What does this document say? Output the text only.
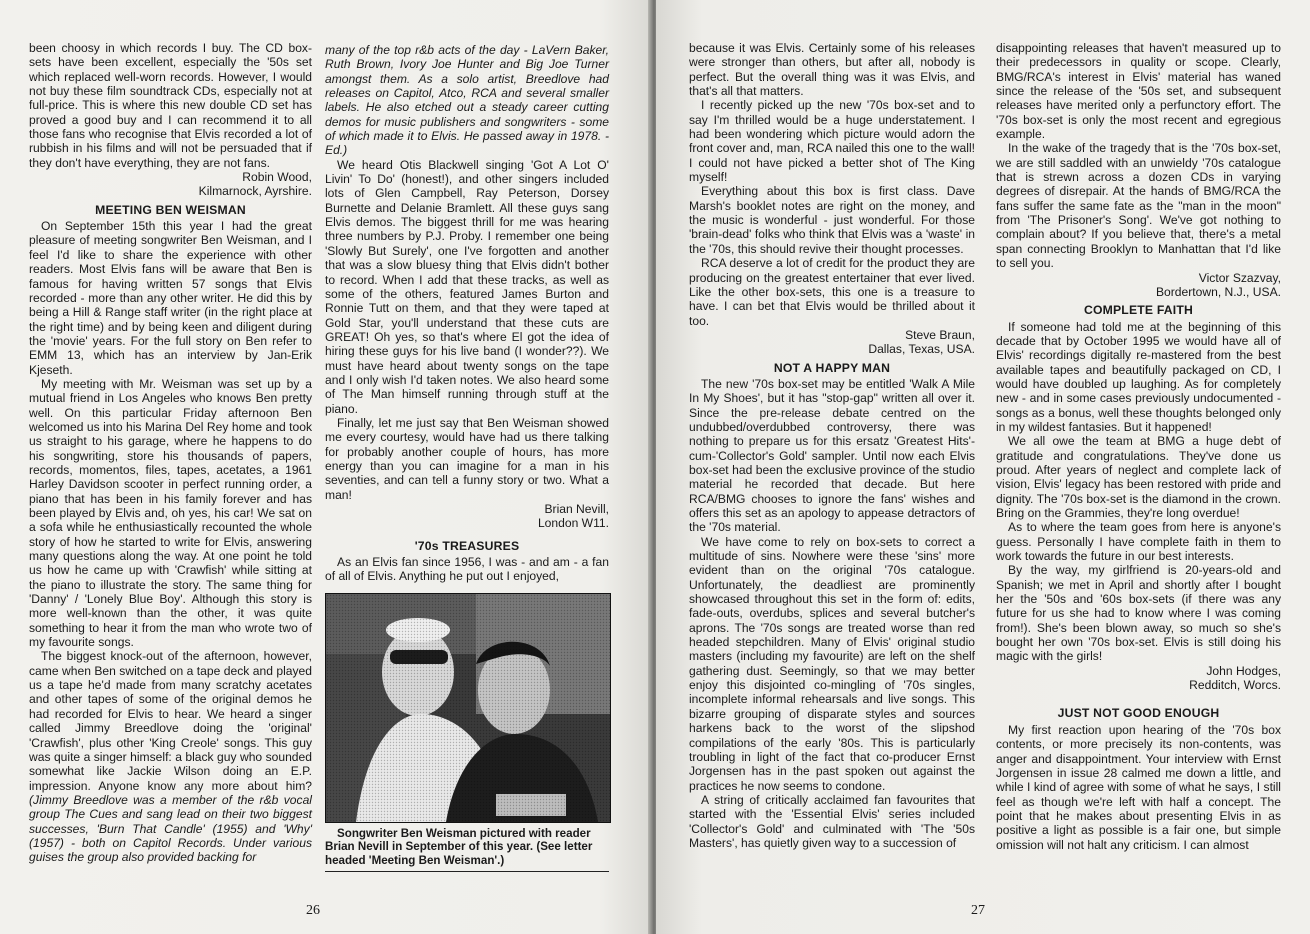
been choosy in which records I buy. The CD box-sets have been excellent, especially the '50s set which replaced well-worn records. However, I would not buy these film soundtrack CDs, especially not at full-price. This is where this new double CD set has proved a good buy and I can recommend it to all those fans who recognise that Elvis recorded a lot of rubbish in his films and will not be persuaded that if they don't have everything, they are not fans.

Robin Wood,

Kilmarnock, Ayrshire.

MEETING BEN WEISMAN

On September 15th this year I had the great pleasure of meeting songwriter Ben Weisman, and I feel I'd like to share the experience with other readers. Most Elvis fans will be aware that Ben is famous for having written 57 songs that Elvis recorded - more than any other writer. He did this by being a Hill & Range staff writer (in the right place at the right time) and by being keen and diligent during the 'movie' years. For the full story on Ben refer to EMM 13, which has an interview by Jan-Erik Kjeseth.

My meeting with Mr. Weisman was set up by a mutual friend in Los Angeles who knows Ben pretty well. On this particular Friday afternoon Ben welcomed us into his Marina Del Rey home and took us straight to his garage, where he happens to do his songwriting, store his thousands of papers, records, momentos, files, tapes, acetates, a 1961 Harley Davidson scooter in perfect running order, a piano that has been in his family forever and has been played by Elvis and, oh yes, his car! We sat on a sofa while he enthusiastically recounted the whole story of how he started to write for Elvis, answering many questions along the way. At one point he told us how he came up with 'Crawfish' while sitting at the piano to illustrate the story. The same thing for 'Danny' / 'Lonely Blue Boy'. Although this story is more well-known than the other, it was quite something to hear it from the man who wrote two of my favourite songs.

The biggest knock-out of the afternoon, however, came when Ben switched on a tape deck and played us a tape he'd made from many scratchy acetates and other tapes of some of the original demos he had recorded for Elvis to hear. We heard a singer called Jimmy Breedlove doing the 'original' 'Crawfish', plus other 'King Creole' songs. This guy was quite a singer himself: a black guy who sounded somewhat like Jackie Wilson doing an E.P. impression. Anyone know any more about him? (Jimmy Breedlove was a member of the r&b vocal group The Cues and sang lead on their two biggest successes, 'Burn That Candle' (1955) and 'Why' (1957) - both on Capitol Records. Under various guises the group also provided backing for

many of the top r&b acts of the day - LaVern Baker, Ruth Brown, Ivory Joe Hunter and Big Joe Turner amongst them. As a solo artist, Breedlove had releases on Capitol, Atco, RCA and several smaller labels. He also etched out a steady career cutting demos for music publishers and songwriters - some of which made it to Elvis. He passed away in 1978. - Ed.)

We heard Otis Blackwell singing 'Got A Lot O' Livin' To Do' (honest!), and other singers included lots of Glen Campbell, Ray Peterson, Dorsey Burnette and Delanie Bramlett. All these guys sang Elvis demos. The biggest thrill for me was hearing three numbers by P.J. Proby. I remember one being 'Slowly But Surely', one I've forgotten and another that was a slow bluesy thing that Elvis didn't bother to record. When I add that these tracks, as well as some of the others, featured James Burton and Ronnie Tutt on them, and that they were taped at Gold Star, you'll understand that these cuts are GREAT! Oh yes, so that's where El got the idea of hiring these guys for his live band (I wonder??). We must have heard about twenty songs on the tape and I only wish I'd taken notes. We also heard some of The Man himself running through stuff at the piano.

Finally, let me just say that Ben Weisman showed me every courtesy, would have had us there talking for probably another couple of hours, has more energy than you can imagine for a man in his seventies, and can tell a funny story or two. What a man!

Brian Nevill,

London W11.

'70s TREASURES

As an Elvis fan since 1956, I was - and am - a fan of all of Elvis. Anything he put out I enjoyed,

Songwriter Ben Weisman pictured with reader Brian Nevill in September of this year. (See letter headed 'Meeting Ben Weisman'.)

26

because it was Elvis. Certainly some of his releases were stronger than others, but after all, nobody is perfect. But the overall thing was it was Elvis, and that's all that matters.

I recently picked up the new '70s box-set and to say I'm thrilled would be a huge understatement. I had been wondering which picture would adorn the front cover and, man, RCA nailed this one to the wall! I could not have picked a better shot of The King myself!

Everything about this box is first class. Dave Marsh's booklet notes are right on the money, and the music is wonderful - just wonderful. For those 'brain-dead' folks who think that Elvis was a 'waste' in the '70s, this should revive their thought processes.

RCA deserve a lot of credit for the product they are producing on the greatest entertainer that ever lived. Like the other box-sets, this one is a treasure to have. I can bet that Elvis would be thrilled about it too.

Steve Braun,

Dallas, Texas, USA.

NOT A HAPPY MAN

The new '70s box-set may be entitled 'Walk A Mile In My Shoes', but it has "stop-gap" written all over it. Since the pre-release debate centred on the undubbed/overdubbed controversy, there was nothing to prepare us for this ersatz 'Greatest Hits'-cum-'Collector's Gold' sampler. Until now each Elvis box-set had been the exclusive province of the studio material he recorded that decade. But here RCA/BMG chooses to ignore the fans' wishes and offers this set as an apology to appease detractors of the '70s material.

We have come to rely on box-sets to correct a multitude of sins. Nowhere were these 'sins' more evident than on the original '70s catalogue. Unfortunately, the deadliest are prominently showcased throughout this set in the form of: edits, fade-outs, overdubs, splices and several butcher's aprons. The '70s songs are treated worse than red headed stepchildren. Many of Elvis' original studio masters (including my favourite) are left on the shelf gathering dust. Seemingly, so that we may better enjoy this disjointed co-mingling of '70s singles, incomplete informal rehearsals and live songs. This bizarre grouping of disparate styles and sources harkens back to the worst of the slipshod compilations of the early '80s. This is particularly troubling in light of the fact that co-producer Ernst Jorgensen has in the past spoken out against the practices he now seems to condone.

A string of critically acclaimed fan favourites that started with the 'Essential Elvis' series included 'Collector's Gold' and culminated with 'The '50s Masters', has quietly given way to a succession of

disappointing releases that haven't measured up to their predecessors in quality or scope. Clearly, BMG/RCA's interest in Elvis' material has waned since the release of the '50s set, and subsequent releases have merited only a perfunctory effort. The '70s box-set is only the most recent and egregious example.

In the wake of the tragedy that is the '70s box-set, we are still saddled with an unwieldy '70s catalogue that is strewn across a dozen CDs in varying degrees of disrepair. At the hands of BMG/RCA the fans suffer the same fate as the "man in the moon" from 'The Prisoner's Song'. We've got nothing to complain about? If you believe that, there's a metal span connecting Brooklyn to Manhattan that I'd like to sell you.

Victor Szazvay,

Bordertown, N.J., USA.

COMPLETE FAITH

If someone had told me at the beginning of this decade that by October 1995 we would have all of Elvis' recordings digitally re-mastered from the best available tapes and beautifully packaged on CD, I would have doubled up laughing. As for completely new - and in some cases previously undocumented - songs as a bonus, well these thoughts belonged only in my wildest fantasies. But it happened!

We all owe the team at BMG a huge debt of gratitude and congratulations. They've done us proud. After years of neglect and complete lack of vision, Elvis' legacy has been restored with pride and dignity. The '70s box-set is the diamond in the crown. Bring on the Grammies, they're long overdue!

As to where the team goes from here is anyone's guess. Personally I have complete faith in them to work towards the future in our best interests.

By the way, my girlfriend is 20-years-old and Spanish; we met in April and shortly after I bought her the '50s and '60s box-sets (if there was any future for us she had to know where I was coming from!). She's been blown away, so much so she's bought her own '70s box-set. Elvis is still doing his magic with the girls!

John Hodges,

Redditch, Worcs.

JUST NOT GOOD ENOUGH

My first reaction upon hearing of the '70s box contents, or more precisely its non-contents, was anger and disappointment. Your interview with Ernst Jorgensen in issue 28 calmed me down a little, and while I kind of agree with some of what he says, I still feel as though we're left with half a concept. The point that he makes about presenting Elvis in as positive a light as possible is a fair one, but simple omission will not halt any criticism. I can almost

27
